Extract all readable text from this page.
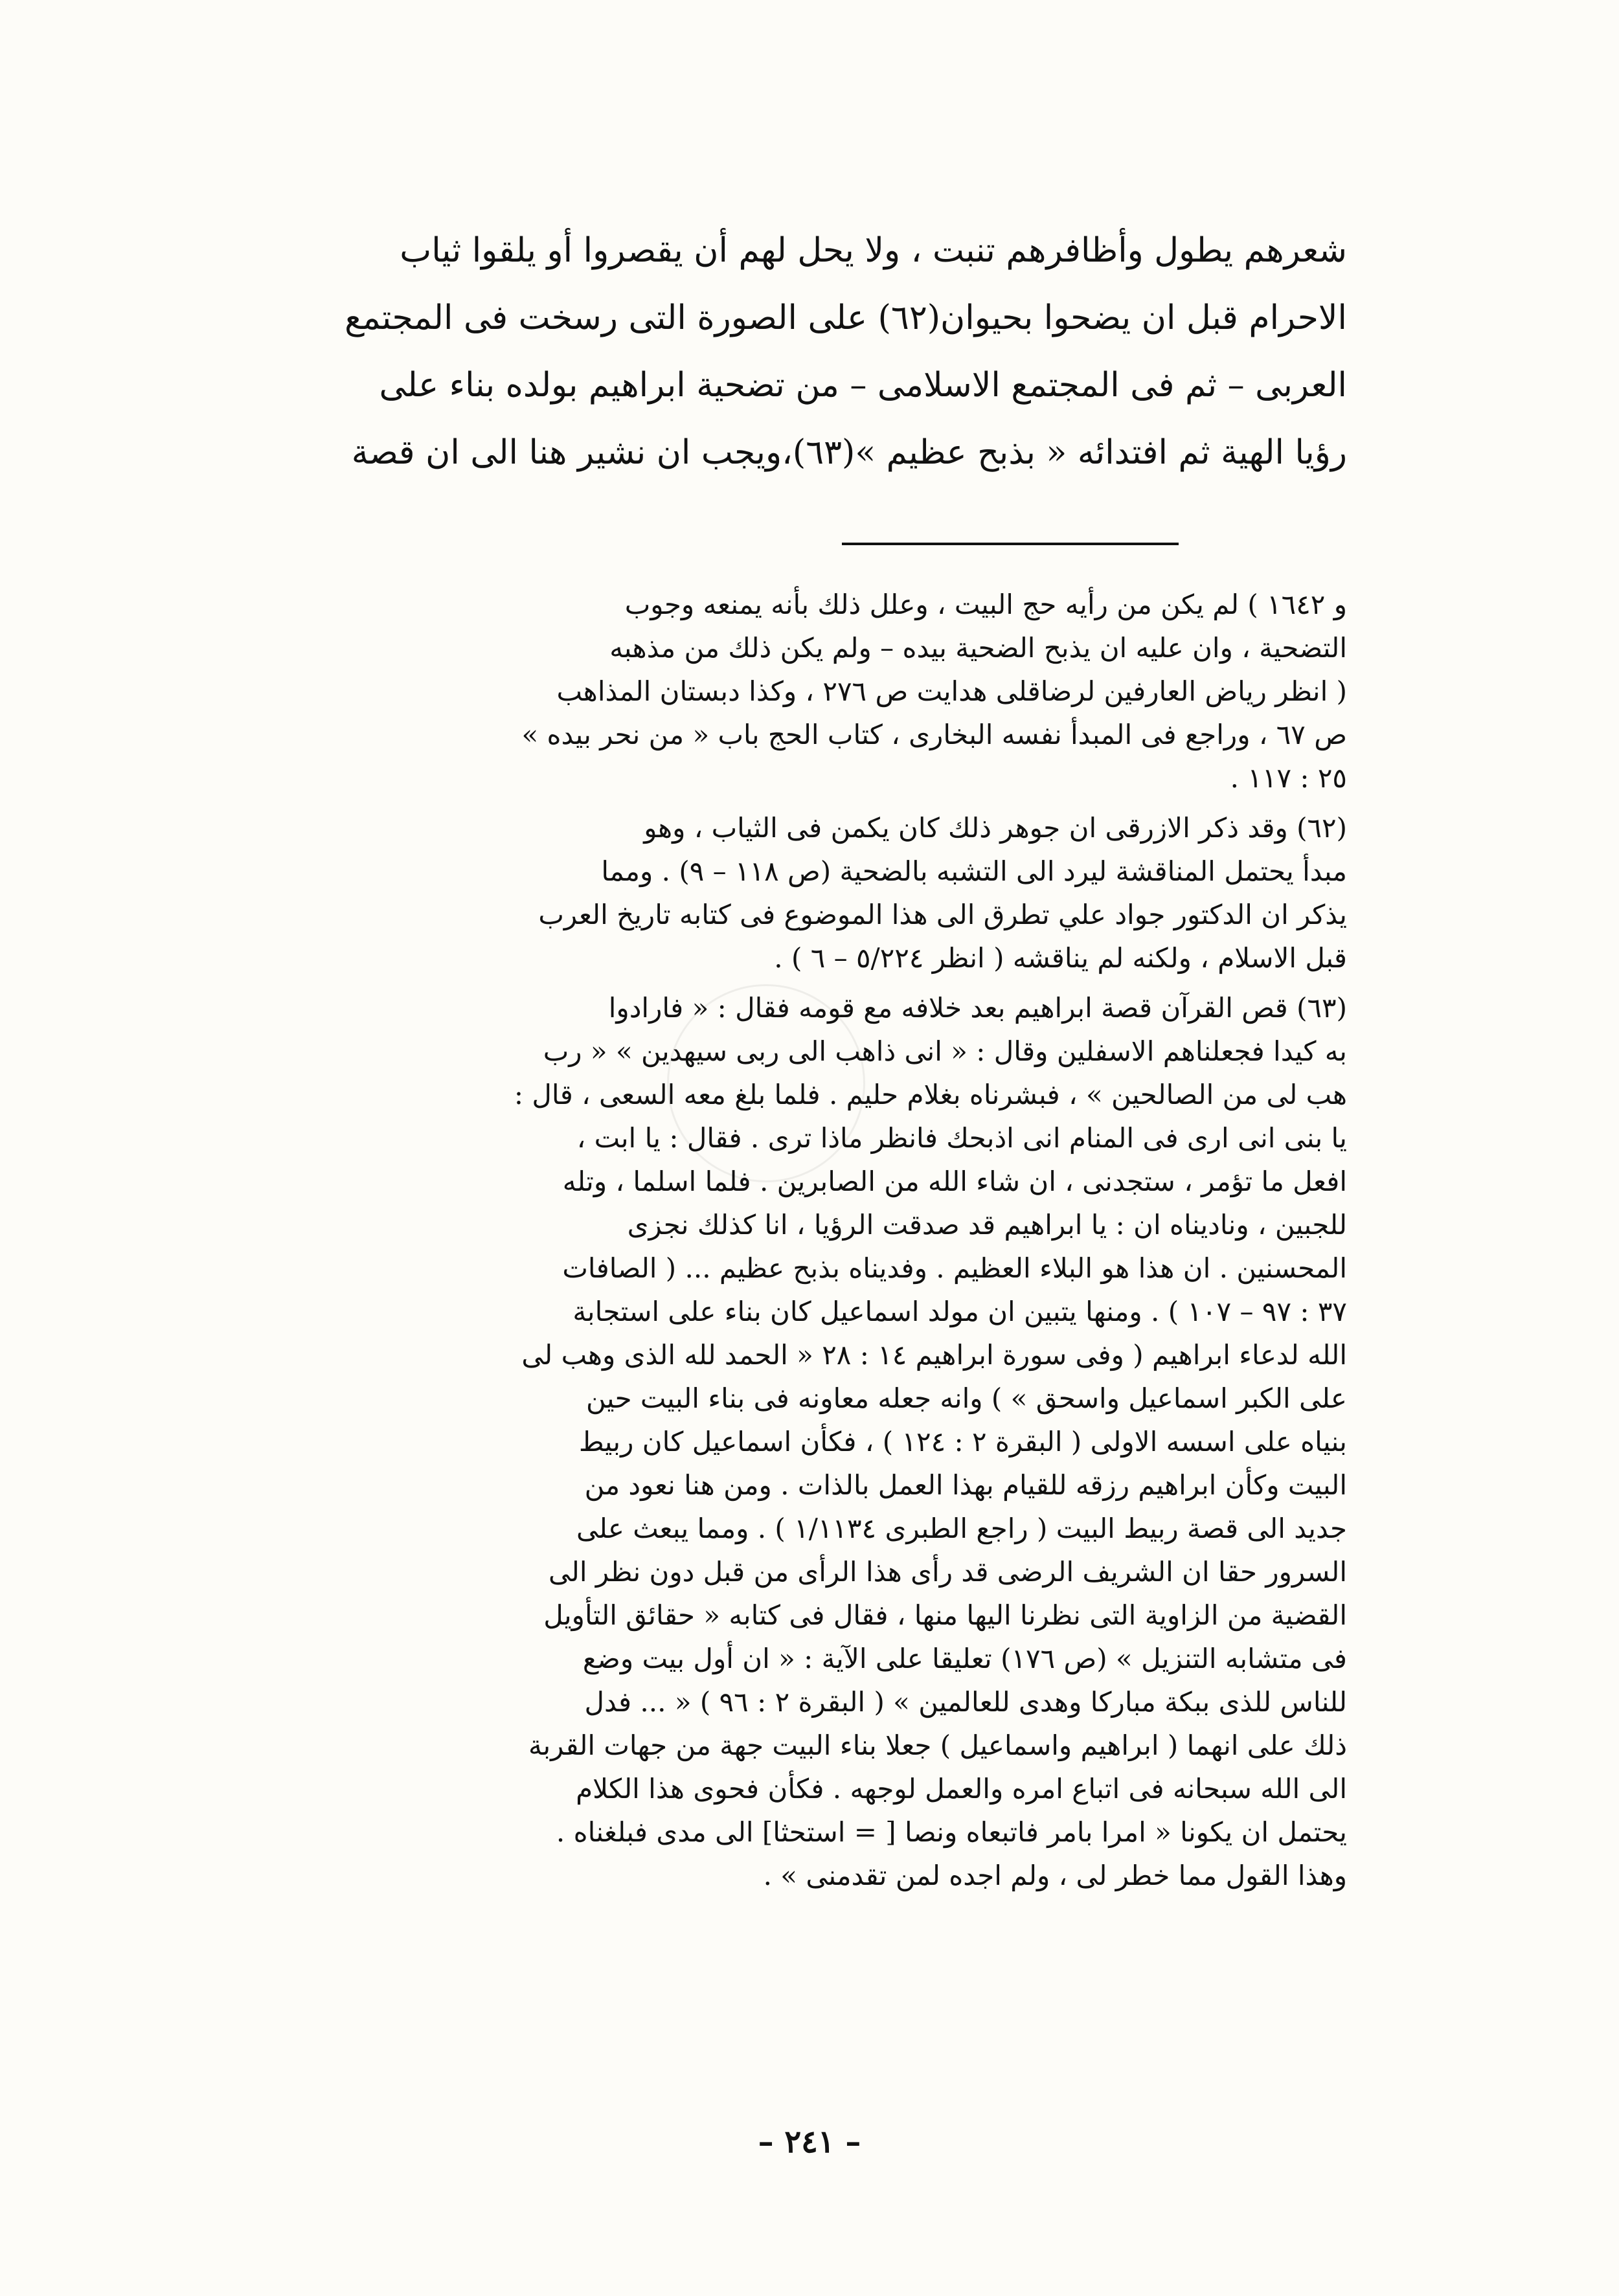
شعرهم يطول وأظافرهم تنبت ، ولا يحل لهم أن يقصروا أو يلقوا ثياب
الاحرام قبل ان يضحوا بحيوان(٦٢) على الصورة التى رسخت فى المجتمع
العربى – ثم فى المجتمع الاسلامى – من تضحية ابراهيم بولده بناء على
رؤيا الهية ثم افتدائه « بذبح عظيم »(٦٣)،ويجب ان نشير هنا الى ان قصة
و ١٦٤٢ ) لم يكن من رأيه حج البيت ، وعلل ذلك بأنه يمنعه وجوب
التضحية ، وان عليه ان يذبح الضحية بيده – ولم يكن ذلك من مذهبه
( انظر رياض العارفين لرضاقلى هدايت ص ٢٧٦ ، وكذا دبستان المذاهب
ص ٦٧ ، وراجع فى المبدأ نفسه البخارى ، كتاب الحج باب « من نحر بيده »
٢٥ : ١١٧ .
(٦٢) وقد ذكر الازرقى ان جوهر ذلك كان يكمن فى الثياب ، وهو
مبدأ يحتمل المناقشة ليرد الى التشبه بالضحية (ص ١١٨ – ٩) . ومما
يذكر ان الدكتور جواد علي تطرق الى هذا الموضوع فى كتابه تاريخ العرب
قبل الاسلام ، ولكنه لم يناقشه ( انظر ٥/٢٢٤ – ٦ ) .
(٦٣) قص القرآن قصة ابراهيم بعد خلافه مع قومه فقال : « فارادوا
به كيدا فجعلناهم الاسفلين وقال : « انى ذاهب الى ربى سيهدين » « رب
هب لى من الصالحين » ، فبشرناه بغلام حليم . فلما بلغ معه السعى ، قال :
يا بنى انى ارى فى المنام انى اذبحك فانظر ماذا ترى . فقال : يا ابت ،
افعل ما تؤمر ، ستجدنى ، ان شاء الله من الصابرين . فلما اسلما ، وتله
للجبين ، وناديناه ان : يا ابراهيم قد صدقت الرؤيا ، انا كذلك نجزى
المحسنين . ان هذا هو البلاء العظيم . وفديناه بذبح عظيم ... ( الصافات
٣٧ : ٩٧ – ١٠٧ ) . ومنها يتبين ان مولد اسماعيل كان بناء على استجابة
الله لدعاء ابراهيم ( وفى سورة ابراهيم ١٤ : ٢٨ « الحمد لله الذى وهب لى
على الكبر اسماعيل واسحق » ) وانه جعله معاونه فى بناء البيت حين
بنياه على اسسه الاولى ( البقرة ٢ : ١٢٤ ) ، فكأن اسماعيل كان ربيط
البيت وكأن ابراهيم رزقه للقيام بهذا العمل بالذات . ومن هنا نعود من
جديد الى قصة ربيط البيت ( راجع الطبرى ١/١١٣٤ ) . ومما يبعث على
السرور حقا ان الشريف الرضى قد رأى هذا الرأى من قبل دون نظر الى
القضية من الزاوية التى نظرنا اليها منها ، فقال فى كتابه « حقائق التأويل
فى متشابه التنزيل » (ص ١٧٦) تعليقا على الآية : « ان أول بيت وضع
للناس للذى ببكة مباركا وهدى للعالمين » ( البقرة ٢ : ٩٦ ) « ... فدل
ذلك على انهما ( ابراهيم واسماعيل ) جعلا بناء البيت جهة من جهات القربة
الى الله سبحانه فى اتباع امره والعمل لوجهه . فكأن فحوى هذا الكلام
يحتمل ان يكونا « امرا بامر فاتبعاه ونصا [ = استحثا] الى مدى فبلغناه .
وهذا القول مما خطر لى ، ولم اجده لمن تقدمنى » .
– ٢٤١ –
